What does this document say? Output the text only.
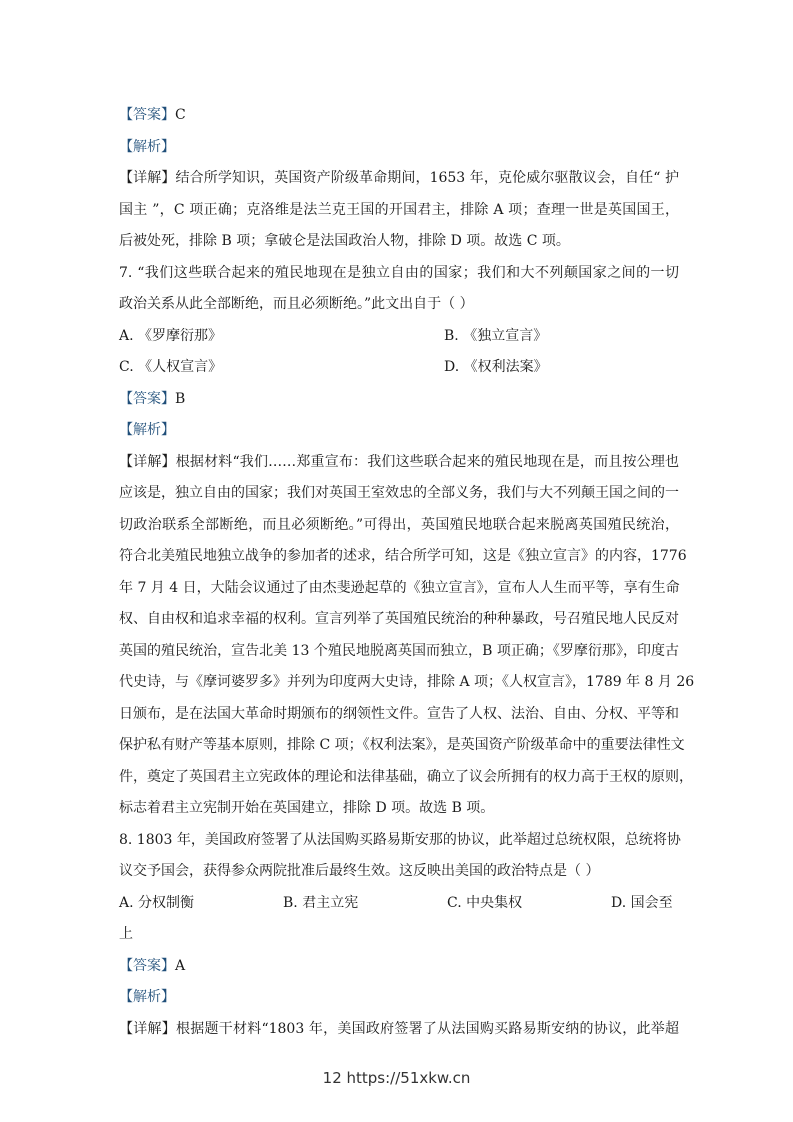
【答案】C
【解析】
【详解】结合所学知识，英国资产阶级革命期间，1653 年，克伦威尔驱散议会，自任“ 护
国主 ”，C 项正确；克洛维是法兰克王国的开国君主，排除 A 项；查理一世是英国国王，
后被处死，排除 B 项；拿破仑是法国政治人物，排除 D 项。故选 C 项。
7. “我们这些联合起来的殖民地现在是独立自由的国家；我们和大不列颠国家之间的一切
政治关系从此全部断绝，而且必须断绝。”此文出自于（ ）
A. 《罗摩衍那》	B. 《独立宣言》
C. 《人权宣言》	D. 《权利法案》
【答案】B
【解析】
【详解】根据材料“我们……郑重宣布：我们这些联合起来的殖民地现在是，而且按公理也
应该是，独立自由的国家；我们对英国王室效忠的全部义务，我们与大不列颠王国之间的一
切政治联系全部断绝，而且必须断绝。”可得出，英国殖民地联合起来脱离英国殖民统治，
符合北美殖民地独立战争的参加者的述求，结合所学可知，这是《独立宣言》的内容，1776
年 7 月 4 日，大陆会议通过了由杰斐逊起草的《独立宣言》，宣布人人生而平等，享有生命
权、自由权和追求幸福的权利。宣言列举了英国殖民统治的种种暴政，号召殖民地人民反对
英国的殖民统治，宣告北美 13 个殖民地脱离英国而独立，B 项正确；《罗摩衍那》，印度古
代史诗，与《摩诃婆罗多》并列为印度两大史诗，排除 A 项；《人权宣言》，1789 年 8 月 26
日颁布，是在法国大革命时期颁布的纲领性文件。宣告了人权、法治、自由、分权、平等和
保护私有财产等基本原则，排除 C 项；《权利法案》，是英国资产阶级革命中的重要法律性文
件，奠定了英国君主立宪政体的理论和法律基础，确立了议会所拥有的权力高于王权的原则，
标志着君主立宪制开始在英国建立，排除 D 项。故选 B 项。
8. 1803 年，美国政府签署了从法国购买路易斯安那的协议，此举超过总统权限，总统将协
议交予国会，获得参众两院批准后最终生效。这反映出美国的政治特点是（ ）
A. 分权制衡	B. 君主立宪	C. 中央集权	D. 国会至
上
【答案】A
【解析】
【详解】根据题干材料“1803 年，美国政府签署了从法国购买路易斯安纳的协议，此举超
12 https://51xkw.cn
